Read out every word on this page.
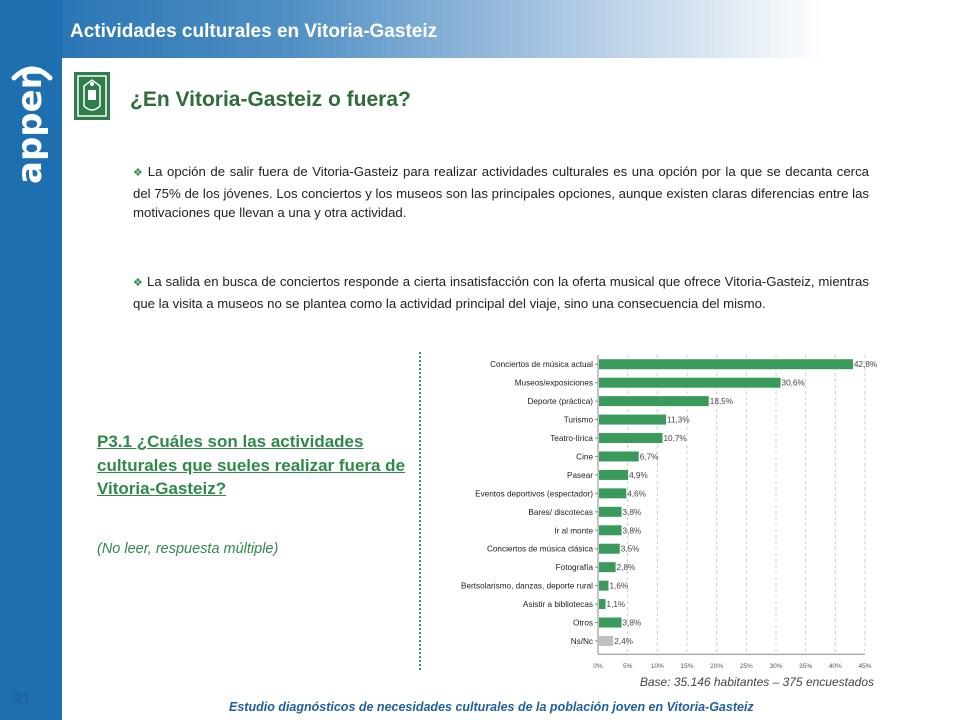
appen
Actividades culturales en Vitoria-Gasteiz
¿En Vitoria-Gasteiz o fuera?

❖ La opción de salir fuera de Vitoria-Gasteiz para realizar actividades culturales es una opción por la que se decanta cerca del 75% de los jóvenes. Los conciertos y los museos son las principales opciones, aunque existen claras diferencias entre las motivaciones que llevan a una y otra actividad.

❖ La salida en busca de conciertos responde a cierta insatisfacción con la oferta musical que ofrece Vitoria-Gasteiz, mientras que la visita a museos no se plantea como la actividad principal del viaje, sino una consecuencia del mismo.

P3.1 ¿Cuáles son las actividades culturales que sueles realizar fuera de Vitoria-Gasteiz?

(No leer, respuesta múltiple)

0%	5%	10%	15%	20%	25%	30%	35%	40%	45%
Conciertos de música actual	42,8%
Museos/exposiciones	30,6%
Deporte (práctica)	18,5%
Turismo	11,3%
Teatro-lírica	10,7%
Cine	6,7%
Pasear	4,9%
Eventos deportivos (espectador)	4,6%
Bares/ discotecas	3,8%
Ir al monte	3,8%
Conciertos de música clásica	3,5%
Fotografía	2,8%
Bertsolarismo, danzas, deporte rural 1,6%
Asistir a bibliotecas 1,1%
Otros	3,8%
Ns/Nc	2,4%

Base: 35.146 habitantes – 375 encuestados

21	Estudio diagnósticos de necesidades culturales de la población joven en Vitoria-Gasteiz
